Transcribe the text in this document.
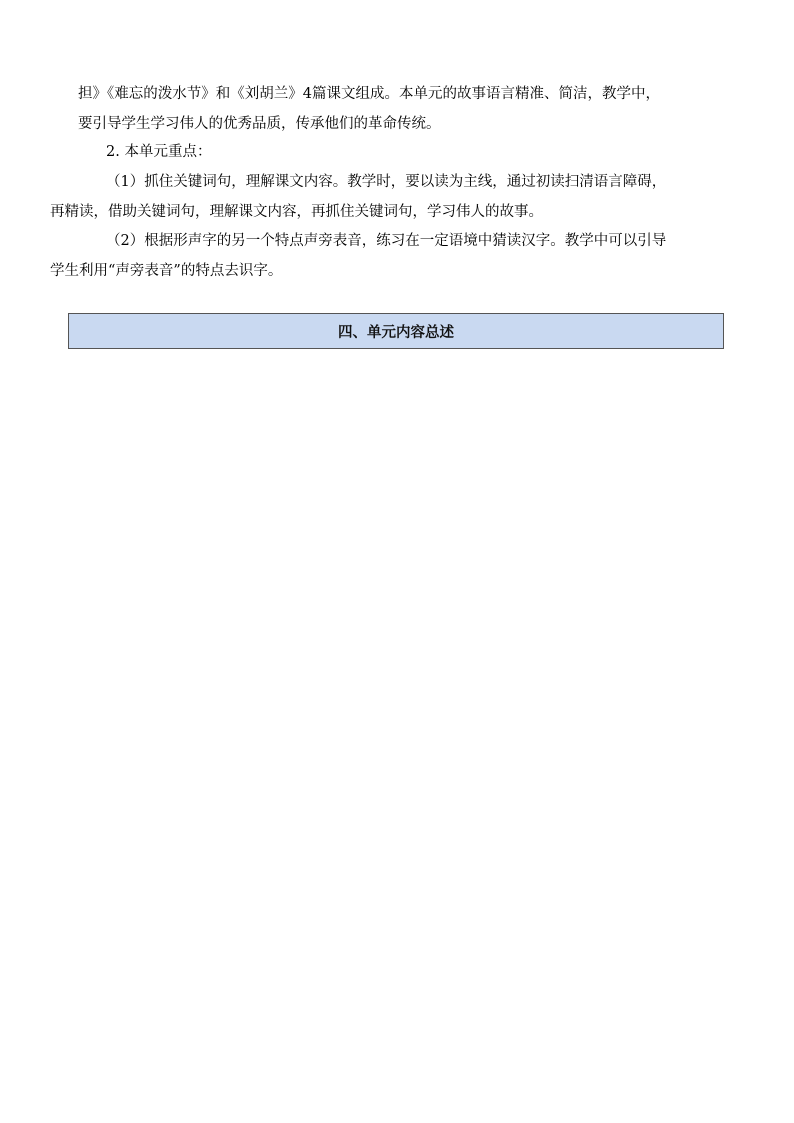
担》《难忘的泼水节》和《刘胡兰》4篇课文组成。本单元的故事语言精准、简洁，教学中，
要引导学生学习伟人的优秀品质，传承他们的革命传统。
2. 本单元重点：
（1）抓住关键词句，理解课文内容。教学时，要以读为主线，通过初读扫清语言障碍，
再精读，借助关键词句，理解课文内容，再抓住关键词句，学习伟人的故事。
（2）根据形声字的另一个特点声旁表音，练习在一定语境中猜读汉字。教学中可以引导
学生利用“声旁表音”的特点去识字。
四、单元内容总述
